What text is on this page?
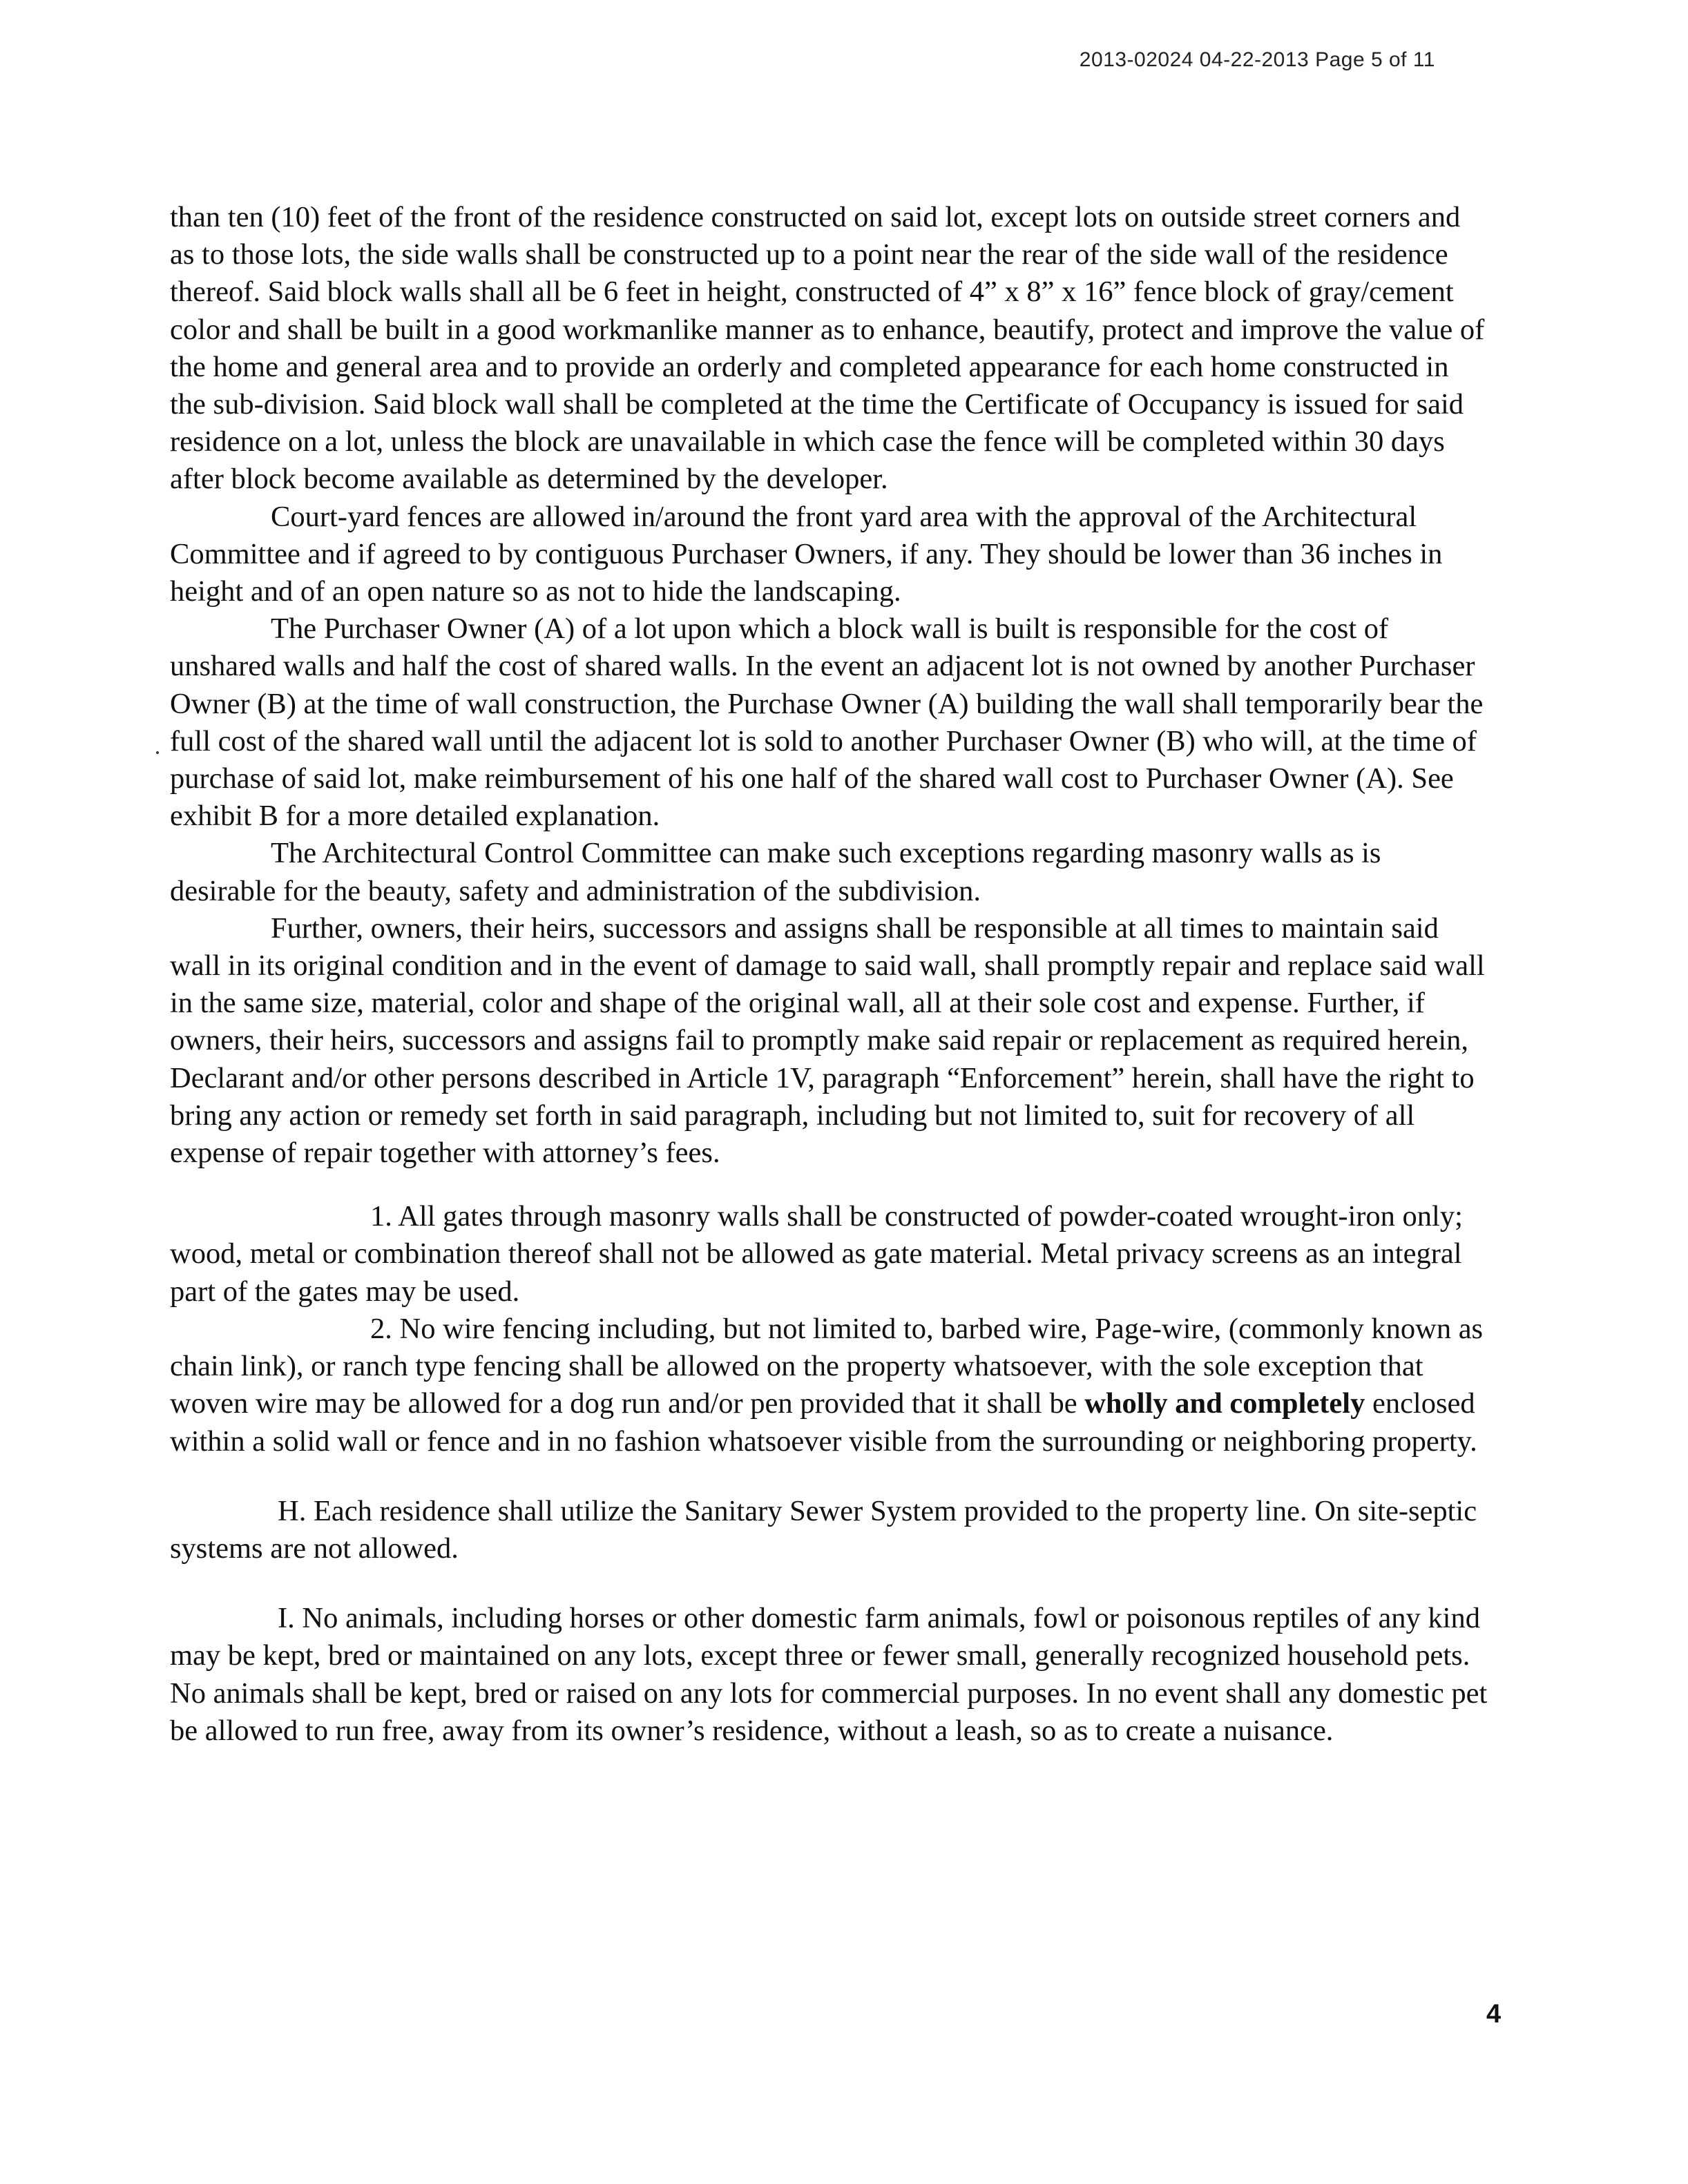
2013-02024 04-22-2013 Page 5 of 11

than ten (10) feet of the front of the residence constructed on said lot, except lots on outside street corners and as to those lots, the side walls shall be constructed up to a point near the rear of the side wall of the residence thereof. Said block walls shall all be 6 feet in height, constructed of 4” x 8” x 16” fence block of gray/cement color and shall be built in a good workmanlike manner as to enhance, beautify, protect and improve the value of the home and general area and to provide an orderly and completed appearance for each home constructed in the sub-division. Said block wall shall be completed at the time the Certificate of Occupancy is issued for said residence on a lot, unless the block are unavailable in which case the fence will be completed within 30 days after block become available as determined by the developer.

Court-yard fences are allowed in/around the front yard area with the approval of the Architectural Committee and if agreed to by contiguous Purchaser Owners, if any. They should be lower than 36 inches in height and of an open nature so as not to hide the landscaping.

The Purchaser Owner (A) of a lot upon which a block wall is built is responsible for the cost of unshared walls and half the cost of shared walls. In the event an adjacent lot is not owned by another Purchaser Owner (B) at the time of wall construction, the Purchase Owner (A) building the wall shall temporarily bear the full cost of the shared wall until the adjacent lot is sold to another Purchaser Owner (B) who will, at the time of purchase of said lot, make reimbursement of his one half of the shared wall cost to Purchaser Owner (A). See exhibit B for a more detailed explanation.

The Architectural Control Committee can make such exceptions regarding masonry walls as is desirable for the beauty, safety and administration of the subdivision.

Further, owners, their heirs, successors and assigns shall be responsible at all times to maintain said wall in its original condition and in the event of damage to said wall, shall promptly repair and replace said wall in the same size, material, color and shape of the original wall, all at their sole cost and expense. Further, if owners, their heirs, successors and assigns fail to promptly make said repair or replacement as required herein, Declarant and/or other persons described in Article 1V, paragraph “Enforcement” herein, shall have the right to bring any action or remedy set forth in said paragraph, including but not limited to, suit for recovery of all expense of repair together with attorney’s fees.

1. All gates through masonry walls shall be constructed of powder-coated wrought-iron only; wood, metal or combination thereof shall not be allowed as gate material. Metal privacy screens as an integral part of the gates may be used.

2. No wire fencing including, but not limited to, barbed wire, Page-wire, (commonly known as chain link), or ranch type fencing shall be allowed on the property whatsoever, with the sole exception that woven wire may be allowed for a dog run and/or pen provided that it shall be wholly and completely enclosed within a solid wall or fence and in no fashion whatsoever visible from the surrounding or neighboring property.

H. Each residence shall utilize the Sanitary Sewer System provided to the property line. On site-septic systems are not allowed.

I. No animals, including horses or other domestic farm animals, fowl or poisonous reptiles of any kind may be kept, bred or maintained on any lots, except three or fewer small, generally recognized household pets. No animals shall be kept, bred or raised on any lots for commercial purposes. In no event shall any domestic pet be allowed to run free, away from its owner’s residence, without a leash, so as to create a nuisance.

4
